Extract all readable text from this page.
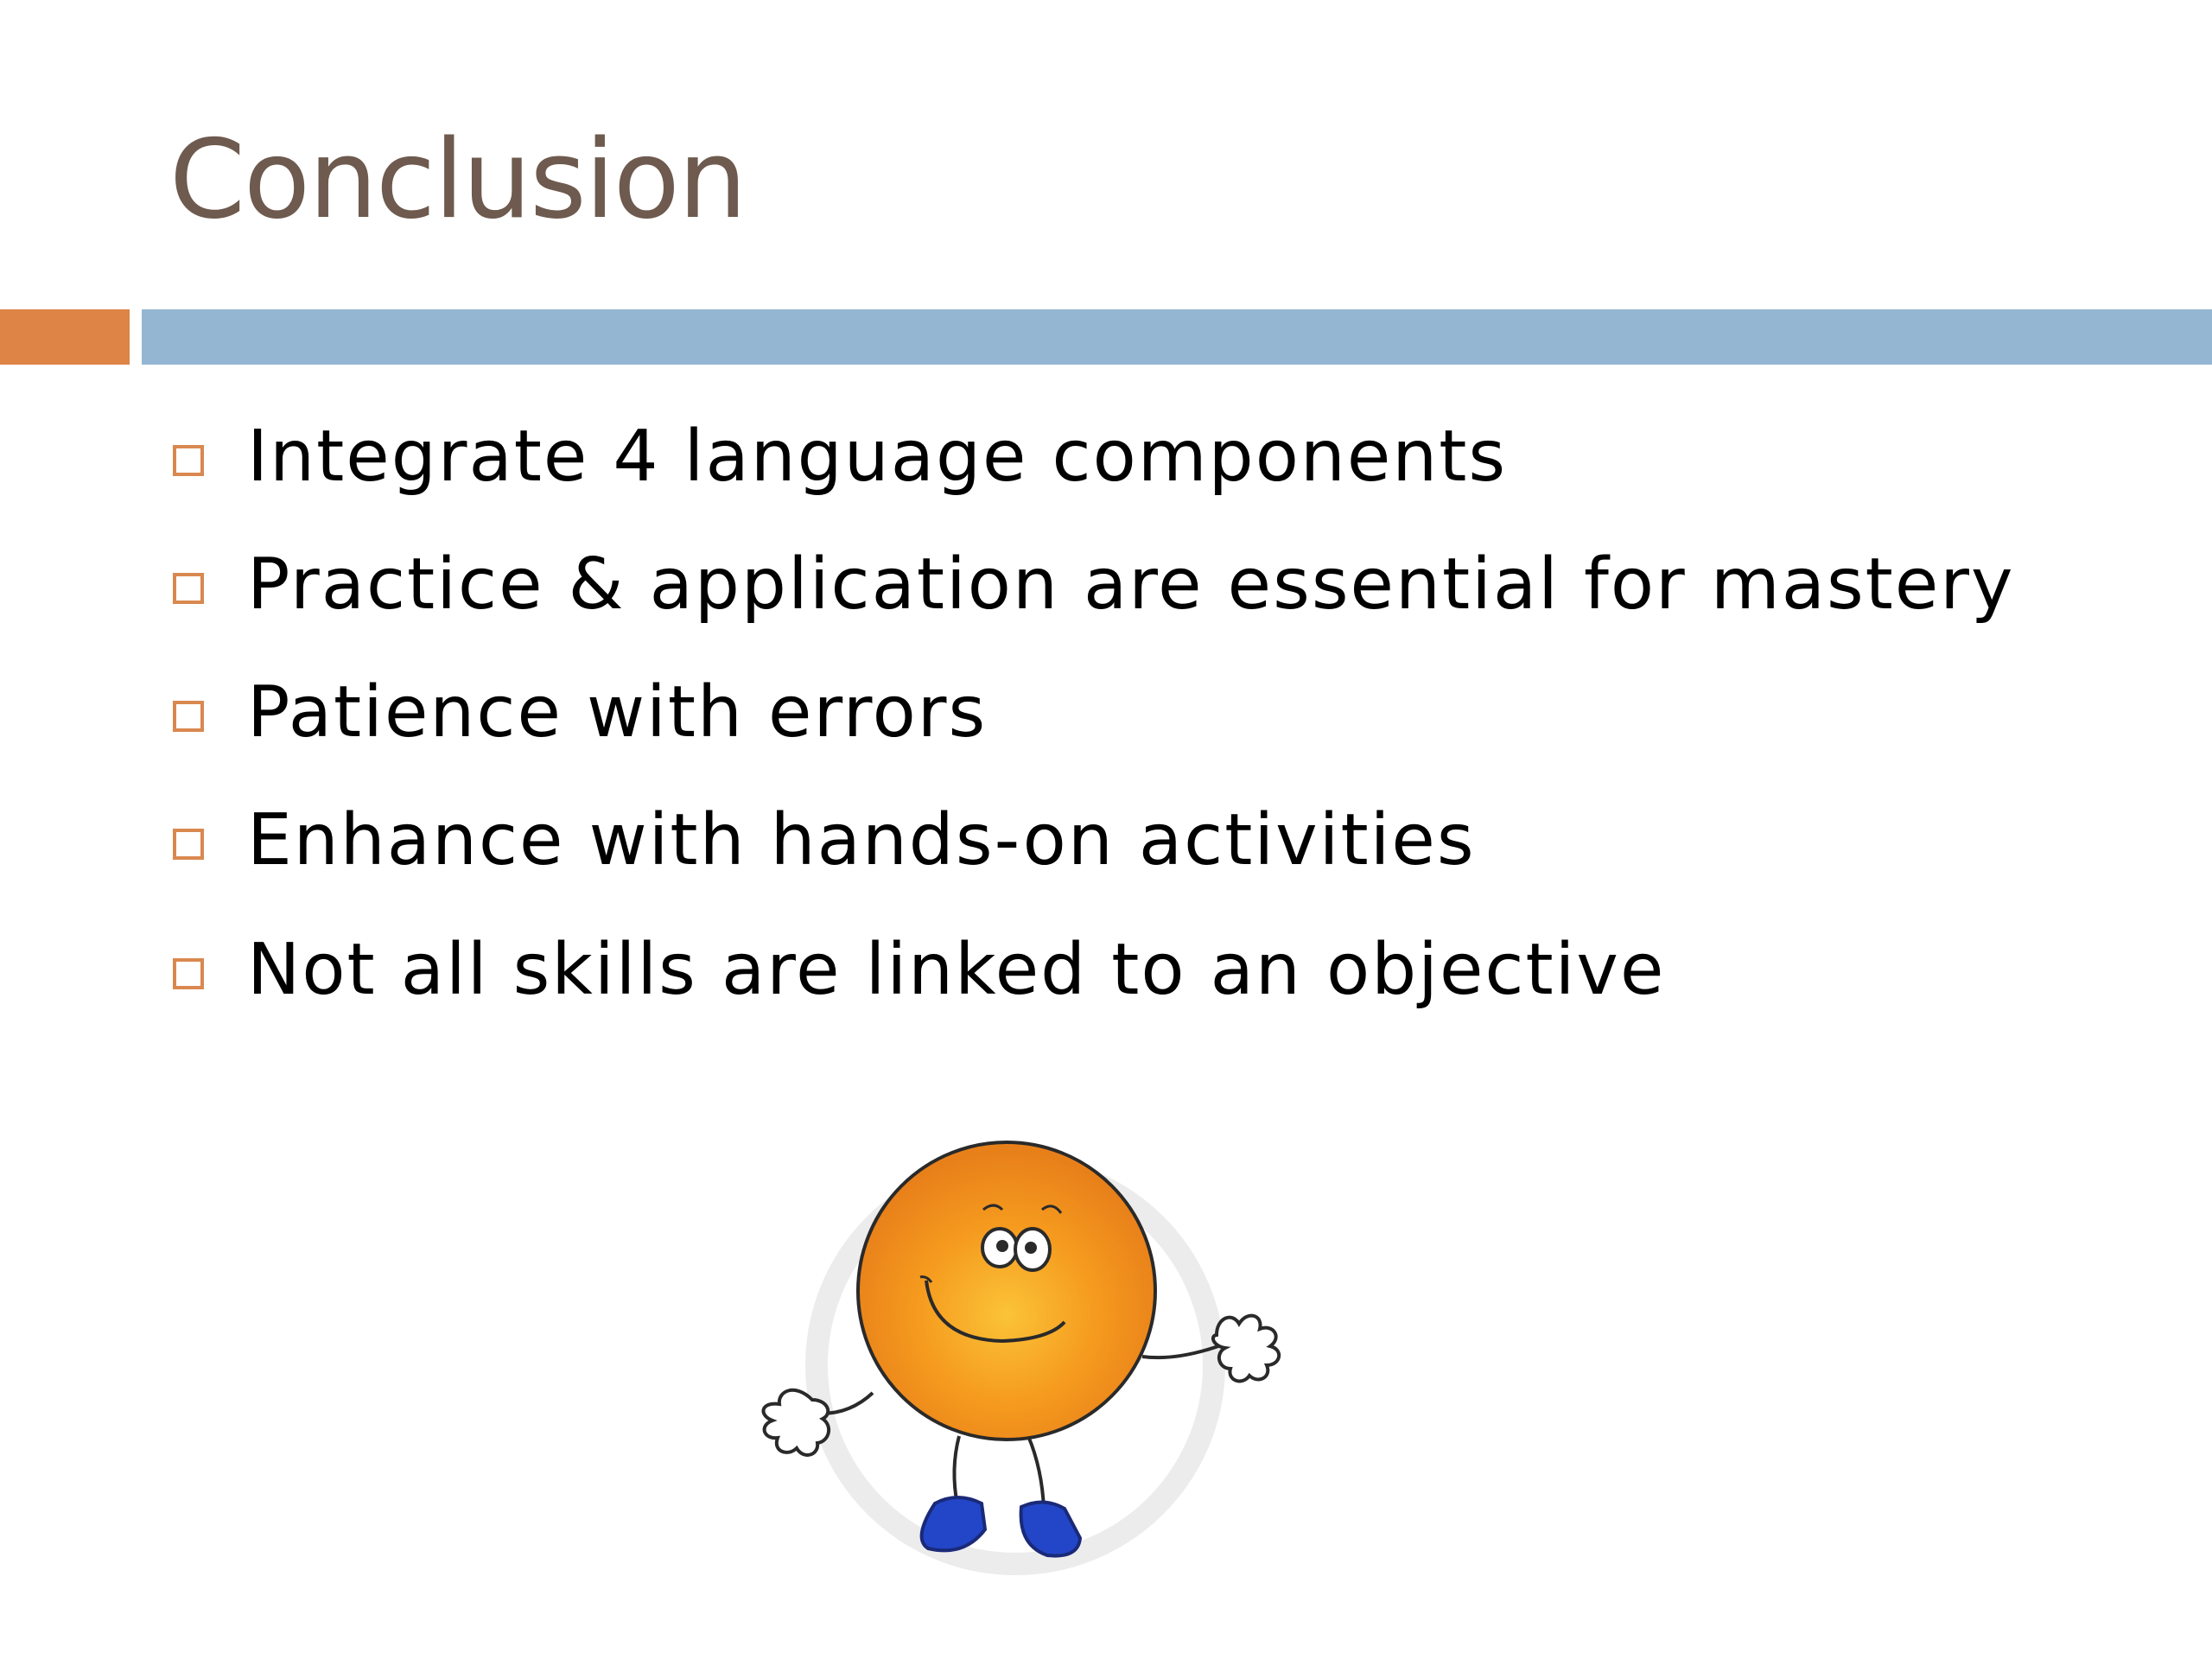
Conclusion
Integrate 4 language components
Practice & application are essential for mastery
Patience with errors
Enhance with hands-on activities
Not all skills are linked to an objective
